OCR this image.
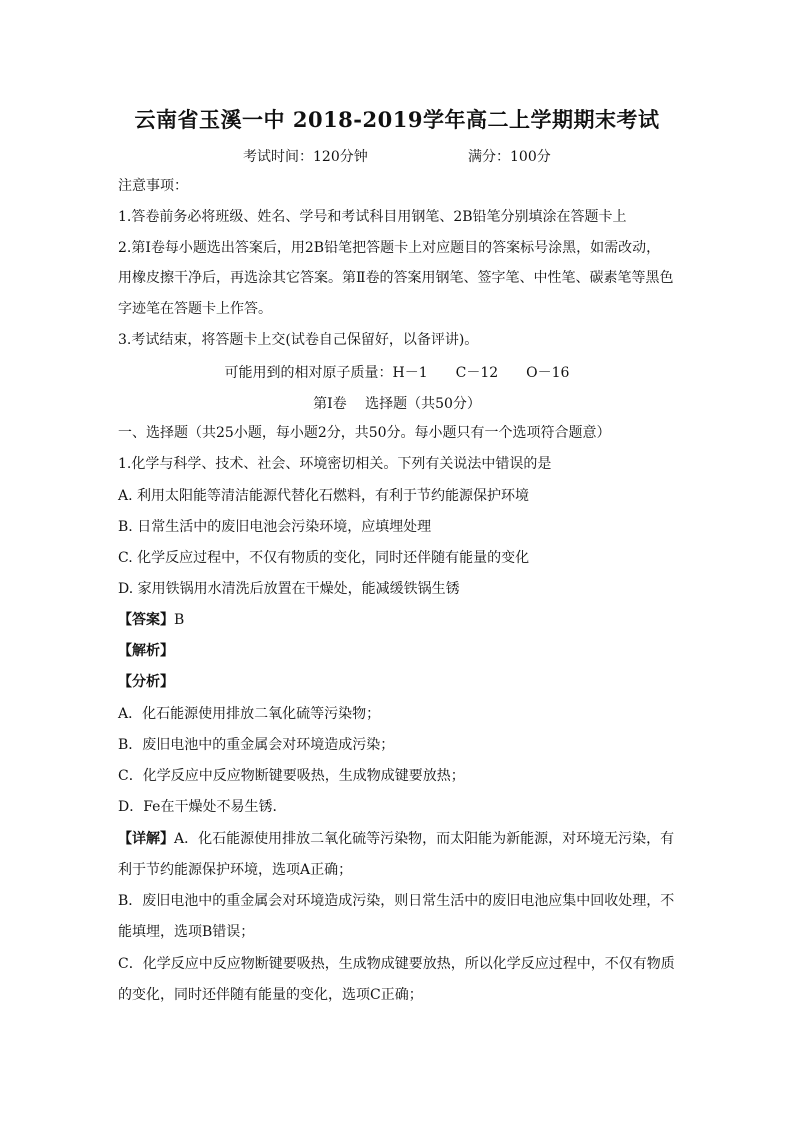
云南省玉溪一中 2018-2019学年高二上学期期末考试
考试时间：120分钟	满分：100分
注意事项：
1.答卷前务必将班级、姓名、学号和考试科目用钢笔、2B铅笔分别填涂在答题卡上
2.第Ⅰ卷每小题选出答案后，用2B铅笔把答题卡上对应题目的答案标号涂黑，如需改动，
用橡皮擦干净后，再选涂其它答案。第Ⅱ卷的答案用钢笔、签字笔、中性笔、碳素笔等黑色
字迹笔在答题卡上作答。
3.考试结束，将答题卡上交(试卷自己保留好，以备评讲)。
可能用到的相对原子质量：H－1　　C－12　　O－16
第Ⅰ卷　 选择题（共50分）
一、选择题（共25小题，每小题2分，共50分。每小题只有一个选项符合题意）
1.化学与科学、技术、社会、环境密切相关。下列有关说法中错误的是
A. 利用太阳能等清洁能源代替化石燃料，有利于节约能源保护环境
B. 日常生活中的废旧电池会污染环境，应填埋处理
C. 化学反应过程中，不仅有物质的变化，同时还伴随有能量的变化
D. 家用铁锅用水清洗后放置在干燥处，能减缓铁锅生锈
【答案】B
【解析】
【分析】
A．化石能源使用排放二氧化硫等污染物；
B．废旧电池中的重金属会对环境造成污染；
C．化学反应中反应物断键要吸热，生成物成键要放热；
D．Fe在干燥处不易生锈．
【详解】A．化石能源使用排放二氧化硫等污染物，而太阳能为新能源，对环境无污染，有
利于节约能源保护环境，选项A正确；
B．废旧电池中的重金属会对环境造成污染，则日常生活中的废旧电池应集中回收处理，不
能填埋，选项B错误；
C．化学反应中反应物断键要吸热，生成物成键要放热，所以化学反应过程中，不仅有物质
的变化，同时还伴随有能量的变化，选项C正确；
